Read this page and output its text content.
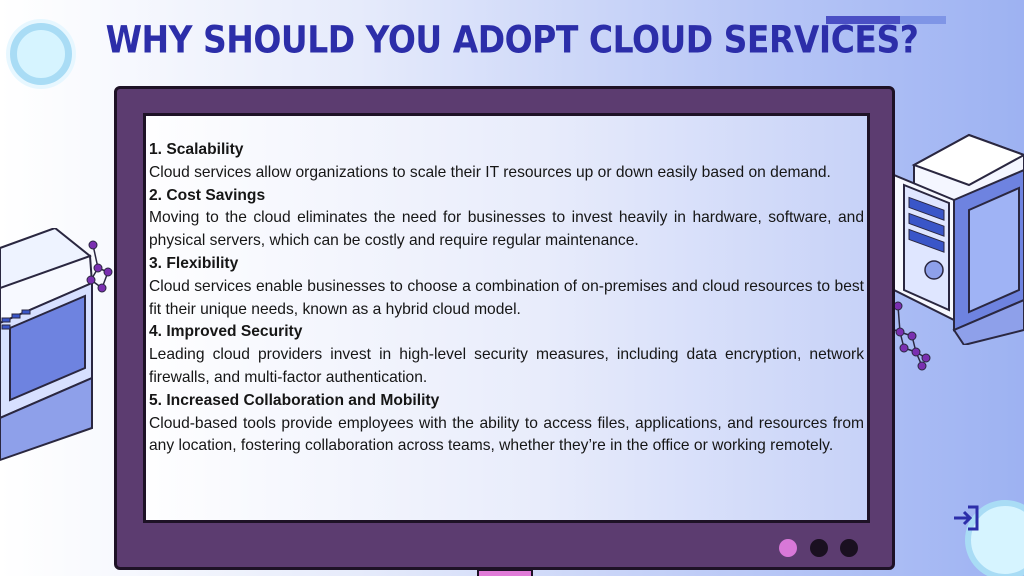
WHY SHOULD YOU ADOPT CLOUD SERVICES?
1. Scalability
Cloud services allow organizations to scale their IT resources up or down easily based on demand.
2. Cost Savings
Moving to the cloud eliminates the need for businesses to invest heavily in hardware, software, and physical servers, which can be costly and require regular maintenance.
3. Flexibility
Cloud services enable businesses to choose a combination of on-premises and cloud resources to best fit their unique needs, known as a hybrid cloud model.
4. Improved Security
Leading cloud providers invest in high-level security measures, including data encryption, network firewalls, and multi-factor authentication.
5. Increased Collaboration and Mobility
Cloud-based tools provide employees with the ability to access files, applications, and resources from any location, fostering collaboration across teams, whether they’re in the office or working remotely.
